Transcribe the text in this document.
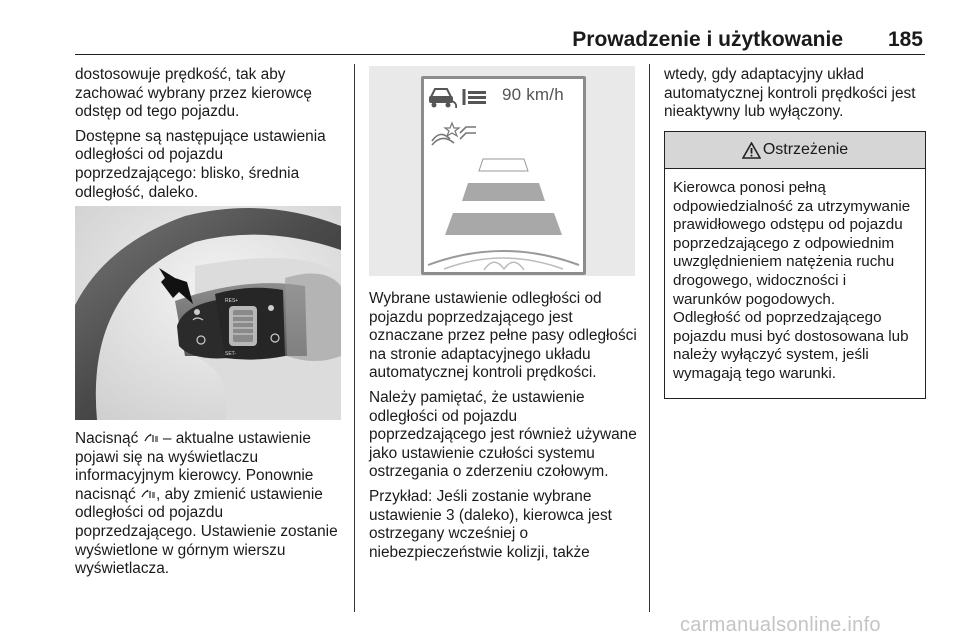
Prowadzenie i użytkowanie 185

dostosowuje prędkość, tak aby zachować wybrany przez kierowcę odstęp od tego pojazdu.

Dostępne są następujące ustawienia odległości od pojazdu poprzedzającego: blisko, średnia odległość, daleko.

RES+
SET-
Nacisnąć  – aktualne ustawienie pojawi się na wyświetlaczu informacyjnym kierowcy. Ponownie nacisnąć , aby zmienić ustawienie odległości od pojazdu poprzedzającego. Ustawienie zostanie wyświetlone w górnym wierszu wyświetlacza.
90 km/h

Wybrane ustawienie odległości od pojazdu poprzedzającego jest oznaczane przez pełne pasy odległości na stronie adaptacyjnego układu automatycznej kontroli prędkości.

Należy pamiętać, że ustawienie odległości od pojazdu poprzedzającego jest również używane jako ustawienie czułości systemu ostrzegania o zderzeniu czołowym.

Przykład: Jeśli zostanie wybrane ustawienie 3 (daleko), kierowca jest ostrzegany wcześniej o niebezpieczeństwie kolizji, także

wtedy, gdy adaptacyjny układ automatycznej kontroli prędkości jest nieaktywny lub wyłączony.

Ostrzeżenie

Kierowca ponosi pełną odpowiedzialność za utrzymywanie prawidłowego odstępu od pojazdu poprzedzającego z odpowiednim uwzględnieniem natężenia ruchu drogowego, widoczności i warunków pogodowych.

Odległość od poprzedzającego pojazdu musi być dostosowana lub należy wyłączyć system, jeśli wymagają tego warunki.

carmanualsonline.info
